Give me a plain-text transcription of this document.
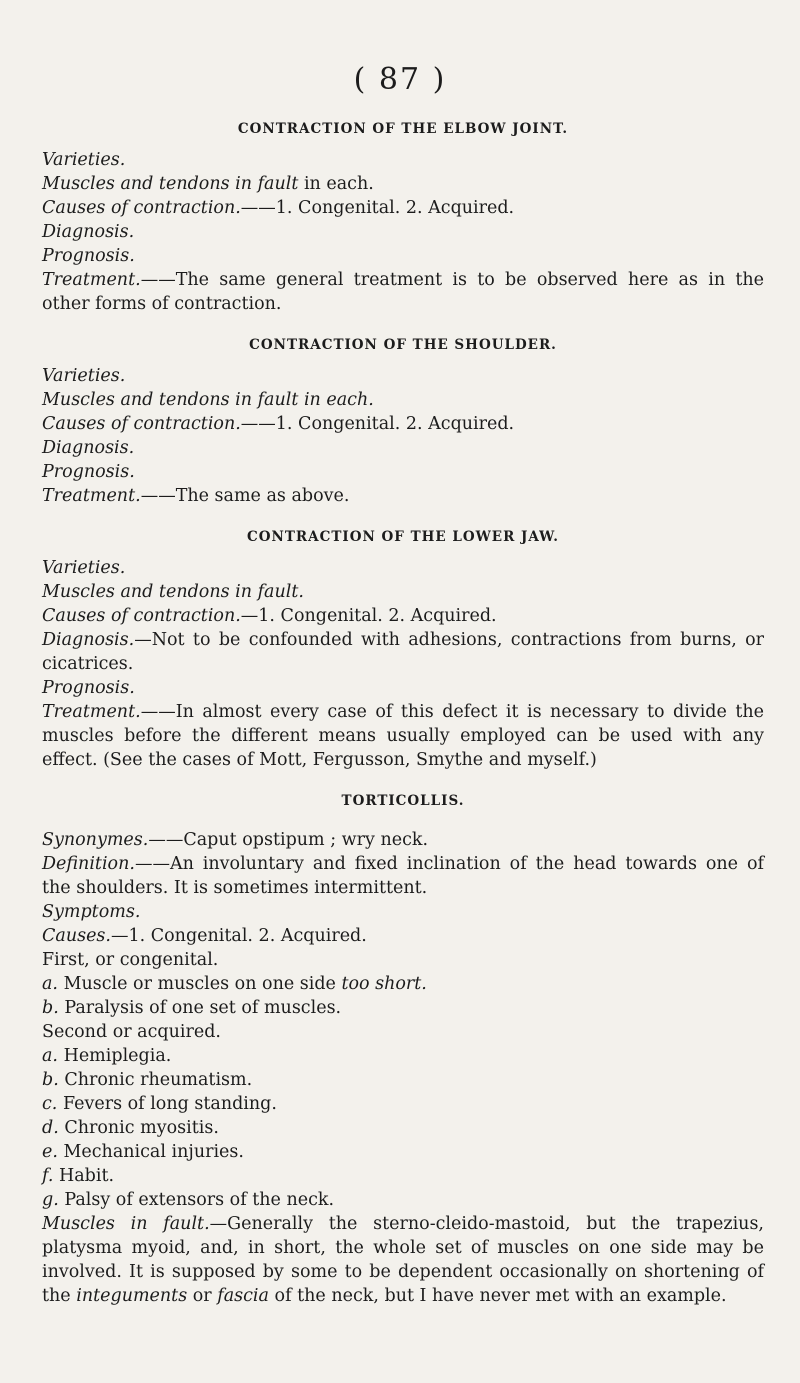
( 87 )

CONTRACTION OF THE ELBOW JOINT.

Varieties.

Muscles and tendons in fault in each.

Causes of contraction.——1. Congenital. 2. Acquired.

Diagnosis.

Prognosis.

Treatment.——The same general treatment is to be observed here as in the other forms of contraction.

CONTRACTION OF THE SHOULDER.

Varieties.

Muscles and tendons in fault in each.

Causes of contraction.——1. Congenital. 2. Acquired.

Diagnosis.

Prognosis.

Treatment.——The same as above.

CONTRACTION OF THE LOWER JAW.

Varieties.

Muscles and tendons in fault.

Causes of contraction.—1. Congenital. 2. Acquired.

Diagnosis.—Not to be confounded with adhesions, contractions from burns, or cicatrices.

Prognosis.

Treatment.——In almost every case of this defect it is necessary to divide the muscles before the different means usually employed can be used with any effect. (See the cases of Mott, Fergusson, Smythe and myself.)

TORTICOLLIS.

Synonymes.——Caput opstipum ; wry neck.

Definition.——An involuntary and fixed inclination of the head towards one of the shoulders. It is sometimes intermittent.

Symptoms.

Causes.—1. Congenital. 2. Acquired.

First, or congenital.

a. Muscle or muscles on one side too short.

b. Paralysis of one set of muscles.

Second or acquired.

a. Hemiplegia.

b. Chronic rheumatism.

c. Fevers of long standing.

d. Chronic myositis.

e. Mechanical injuries.

f. Habit.

g. Palsy of extensors of the neck.

Muscles in fault.—Generally the sterno-cleido-mastoid, but the trapezius, platysma myoid, and, in short, the whole set of muscles on one side may be involved. It is supposed by some to be dependent occasionally on shortening of the integuments or fascia of the neck, but I have never met with an example.
